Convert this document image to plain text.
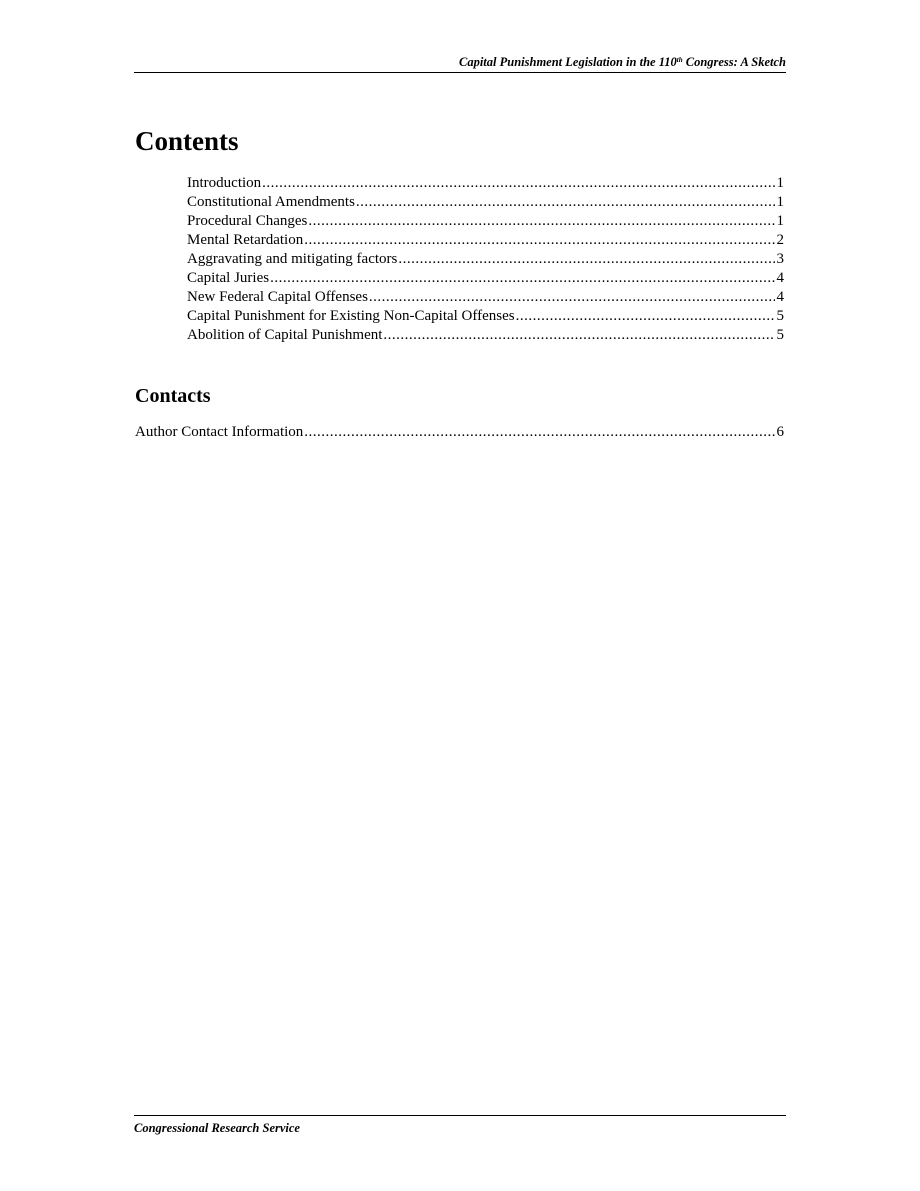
Capital Punishment Legislation in the 110th Congress: A Sketch
Contents
Introduction .....	1
Constitutional Amendments .....	1
Procedural Changes .....	1
Mental Retardation .....	2
Aggravating and mitigating factors .....	3
Capital Juries .....	4
New Federal Capital Offenses .....	4
Capital Punishment for Existing Non-Capital Offenses .....	5
Abolition of Capital Punishment .....	5
Contacts
Author Contact Information .....	6
Congressional Research Service
